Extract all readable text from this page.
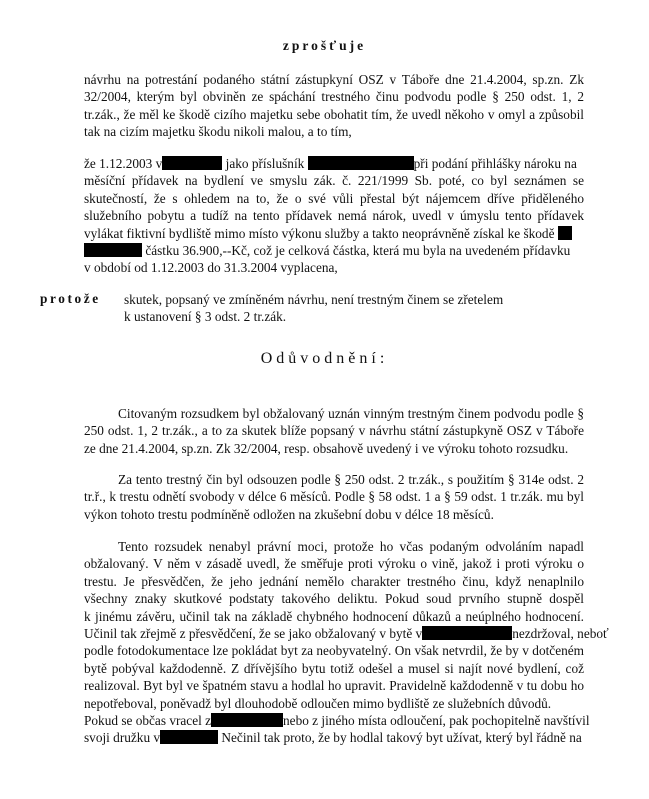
zprošťuje
návrhu na potrestání podaného státní zástupkyní OSZ v Táboře dne 21.4.2004, sp.zn. Zk
32/2004, kterým byl obviněn ze spáchání trestného činu podvodu podle § 250 odst. 1, 2
tr.zák., že měl ke škodě cizího majetku sebe obohatit tím, že uvedl někoho v omyl a způsobil
tak na cizím majetku škodu nikoli malou, a to tím,
že 1.12.2003 v	jako příslušník	při podání přihlášky nároku na
měsíční přídavek na bydlení ve smyslu zák. č. 221/1999 Sb. poté, co byl seznámen se
skutečností, že s ohledem na to, že o své vůli přestal být nájemcem dříve přiděleného
služebního pobytu a tudíž na tento přídavek nemá nárok, uvedl v úmyslu tento přídavek
vylákat fiktivní bydliště mimo místo výkonu služby a takto neoprávněně získal ke škodě
částku 36.900,--Kč, což je celková částka, která mu byla na uvedeném přídavku
v období od 1.12.2003 do 31.3.2004 vyplacena,
protože skutek, popsaný ve zmíněném návrhu, není trestným činem se zřetelem
k ustanovení § 3 odst. 2 tr.zák.
Odůvodnění:
Citovaným rozsudkem byl obžalovaný uznán vinným trestným činem podvodu podle §
250 odst. 1, 2 tr.zák., a to za skutek blíže popsaný v návrhu státní zástupkyně OSZ v Táboře
ze dne 21.4.2004, sp.zn. Zk 32/2004, resp. obsahově uvedený i ve výroku tohoto rozsudku.
Za tento trestný čin byl odsouzen podle § 250 odst. 2 tr.zák., s použitím § 314e odst. 2
tr.ř., k trestu odnětí svobody v délce 6 měsíců. Podle § 58 odst. 1 a § 59 odst. 1 tr.zák. mu byl
výkon tohoto trestu podmíněně odložen na zkušební dobu v délce 18 měsíců.
Tento rozsudek nenabyl právní moci, protože ho včas podaným odvoláním napadl
obžalovaný. V něm v zásadě uvedl, že směřuje proti výroku o vině, jakož i proti výroku o
trestu. Je přesvědčen, že jeho jednání nemělo charakter trestného činu, když nenaplnilo
všechny znaky skutkové podstaty takového deliktu. Pokud soud prvního stupně dospěl
k jinému závěru, učinil tak na základě chybného hodnocení důkazů a neúplného hodnocení.
Učinil tak zřejmě z přesvědčení, že se jako obžalovaný v bytě v	nezdržoval, neboť
podle fotodokumentace lze pokládat byt za neobyvatelný. On však netvrdil, že by v dotčeném
bytě pobýval každodenně. Z dřívějšího bytu totiž odešel a musel si najít nové bydlení, což
realizoval. Byt byl ve špatném stavu a hodlal ho upravit. Pravidelně každodenně v tu dobu ho
nepotřeboval, poněvadž byl dlouhodobě odloučen mimo bydliště ze služebních důvodů.
Pokud se občas vracel z	nebo z jiného místa odloučení, pak pochopitelně navštívil
svoji družku v	Nečinil tak proto, že by hodlal takový byt užívat, který byl řádně na
